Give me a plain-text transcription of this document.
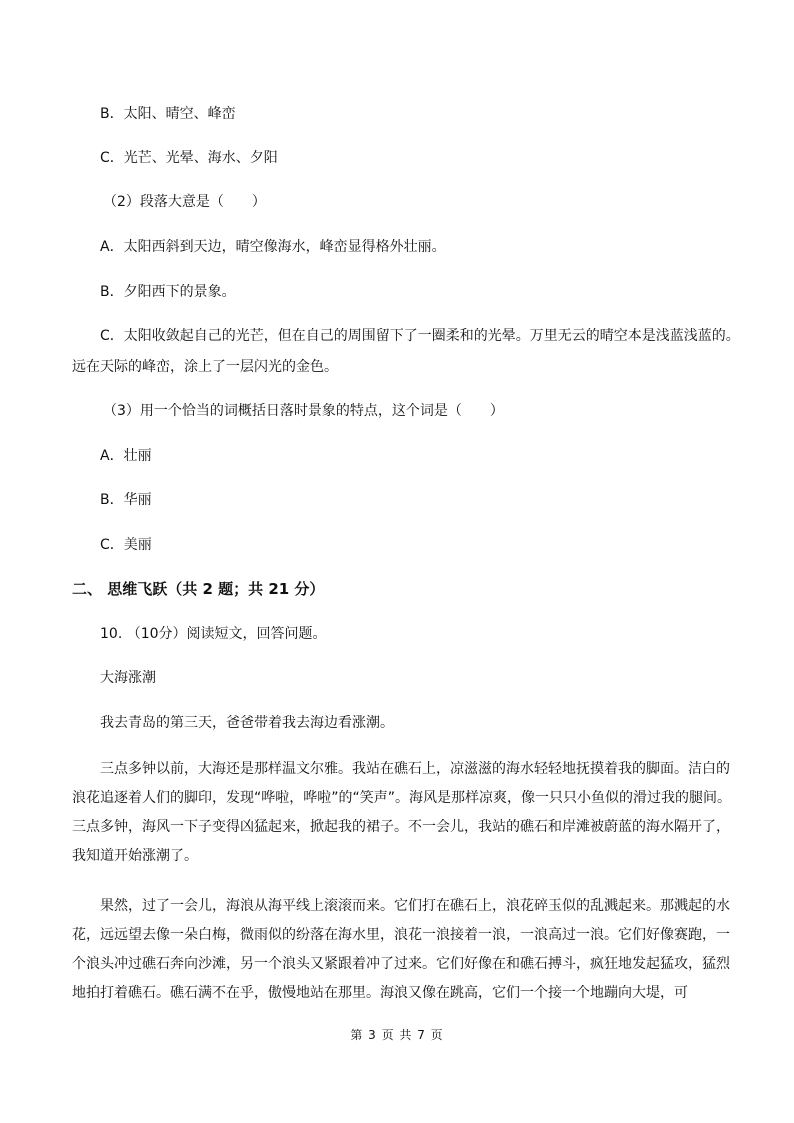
B．太阳、晴空、峰峦
C．光芒、光晕、海水、夕阳
（2）段落大意是（　　）
A．太阳西斜到天边，晴空像海水，峰峦显得格外壮丽。
B．夕阳西下的景象。
C．太阳收敛起自己的光芒，但在自己的周围留下了一圈柔和的光晕。万里无云的晴空本是浅蓝浅蓝的。
远在天际的峰峦，涂上了一层闪光的金色。
（3）用一个恰当的词概括日落时景象的特点，这个词是（　　）
A．壮丽
B．华丽
C．美丽
二、 思维飞跃（共 2 题；共 21 分）
10. （10分）阅读短文，回答问题。
大海涨潮
我去青岛的第三天，爸爸带着我去海边看涨潮。

三点多钟以前，大海还是那样温文尔雅。我站在礁石上，凉滋滋的海水轻轻地抚摸着我的脚面。洁白的浪花追逐着人们的脚印，发现“哗啦，哗啦”的“笑声”。海风是那样凉爽，像一只只小鱼似的滑过我的腿间。三点多钟，海风一下子变得凶猛起来，掀起我的裙子。不一会儿，我站的礁石和岸滩被蔚蓝的海水隔开了，我知道开始涨潮了。

果然，过了一会儿，海浪从海平线上滚滚而来。它们打在礁石上，浪花碎玉似的乱溅起来。那溅起的水花，远远望去像一朵白梅，微雨似的纷落在海水里，浪花一浪接着一浪，一浪高过一浪。它们好像赛跑，一个浪头冲过礁石奔向沙滩，另一个浪头又紧跟着冲了过来。它们好像在和礁石搏斗，疯狂地发起猛攻，猛烈地拍打着礁石。礁石满不在乎，傲慢地站在那里。海浪又像在跳高，它们一个接一个地蹦向大堤，可

第 3 页 共 7 页
